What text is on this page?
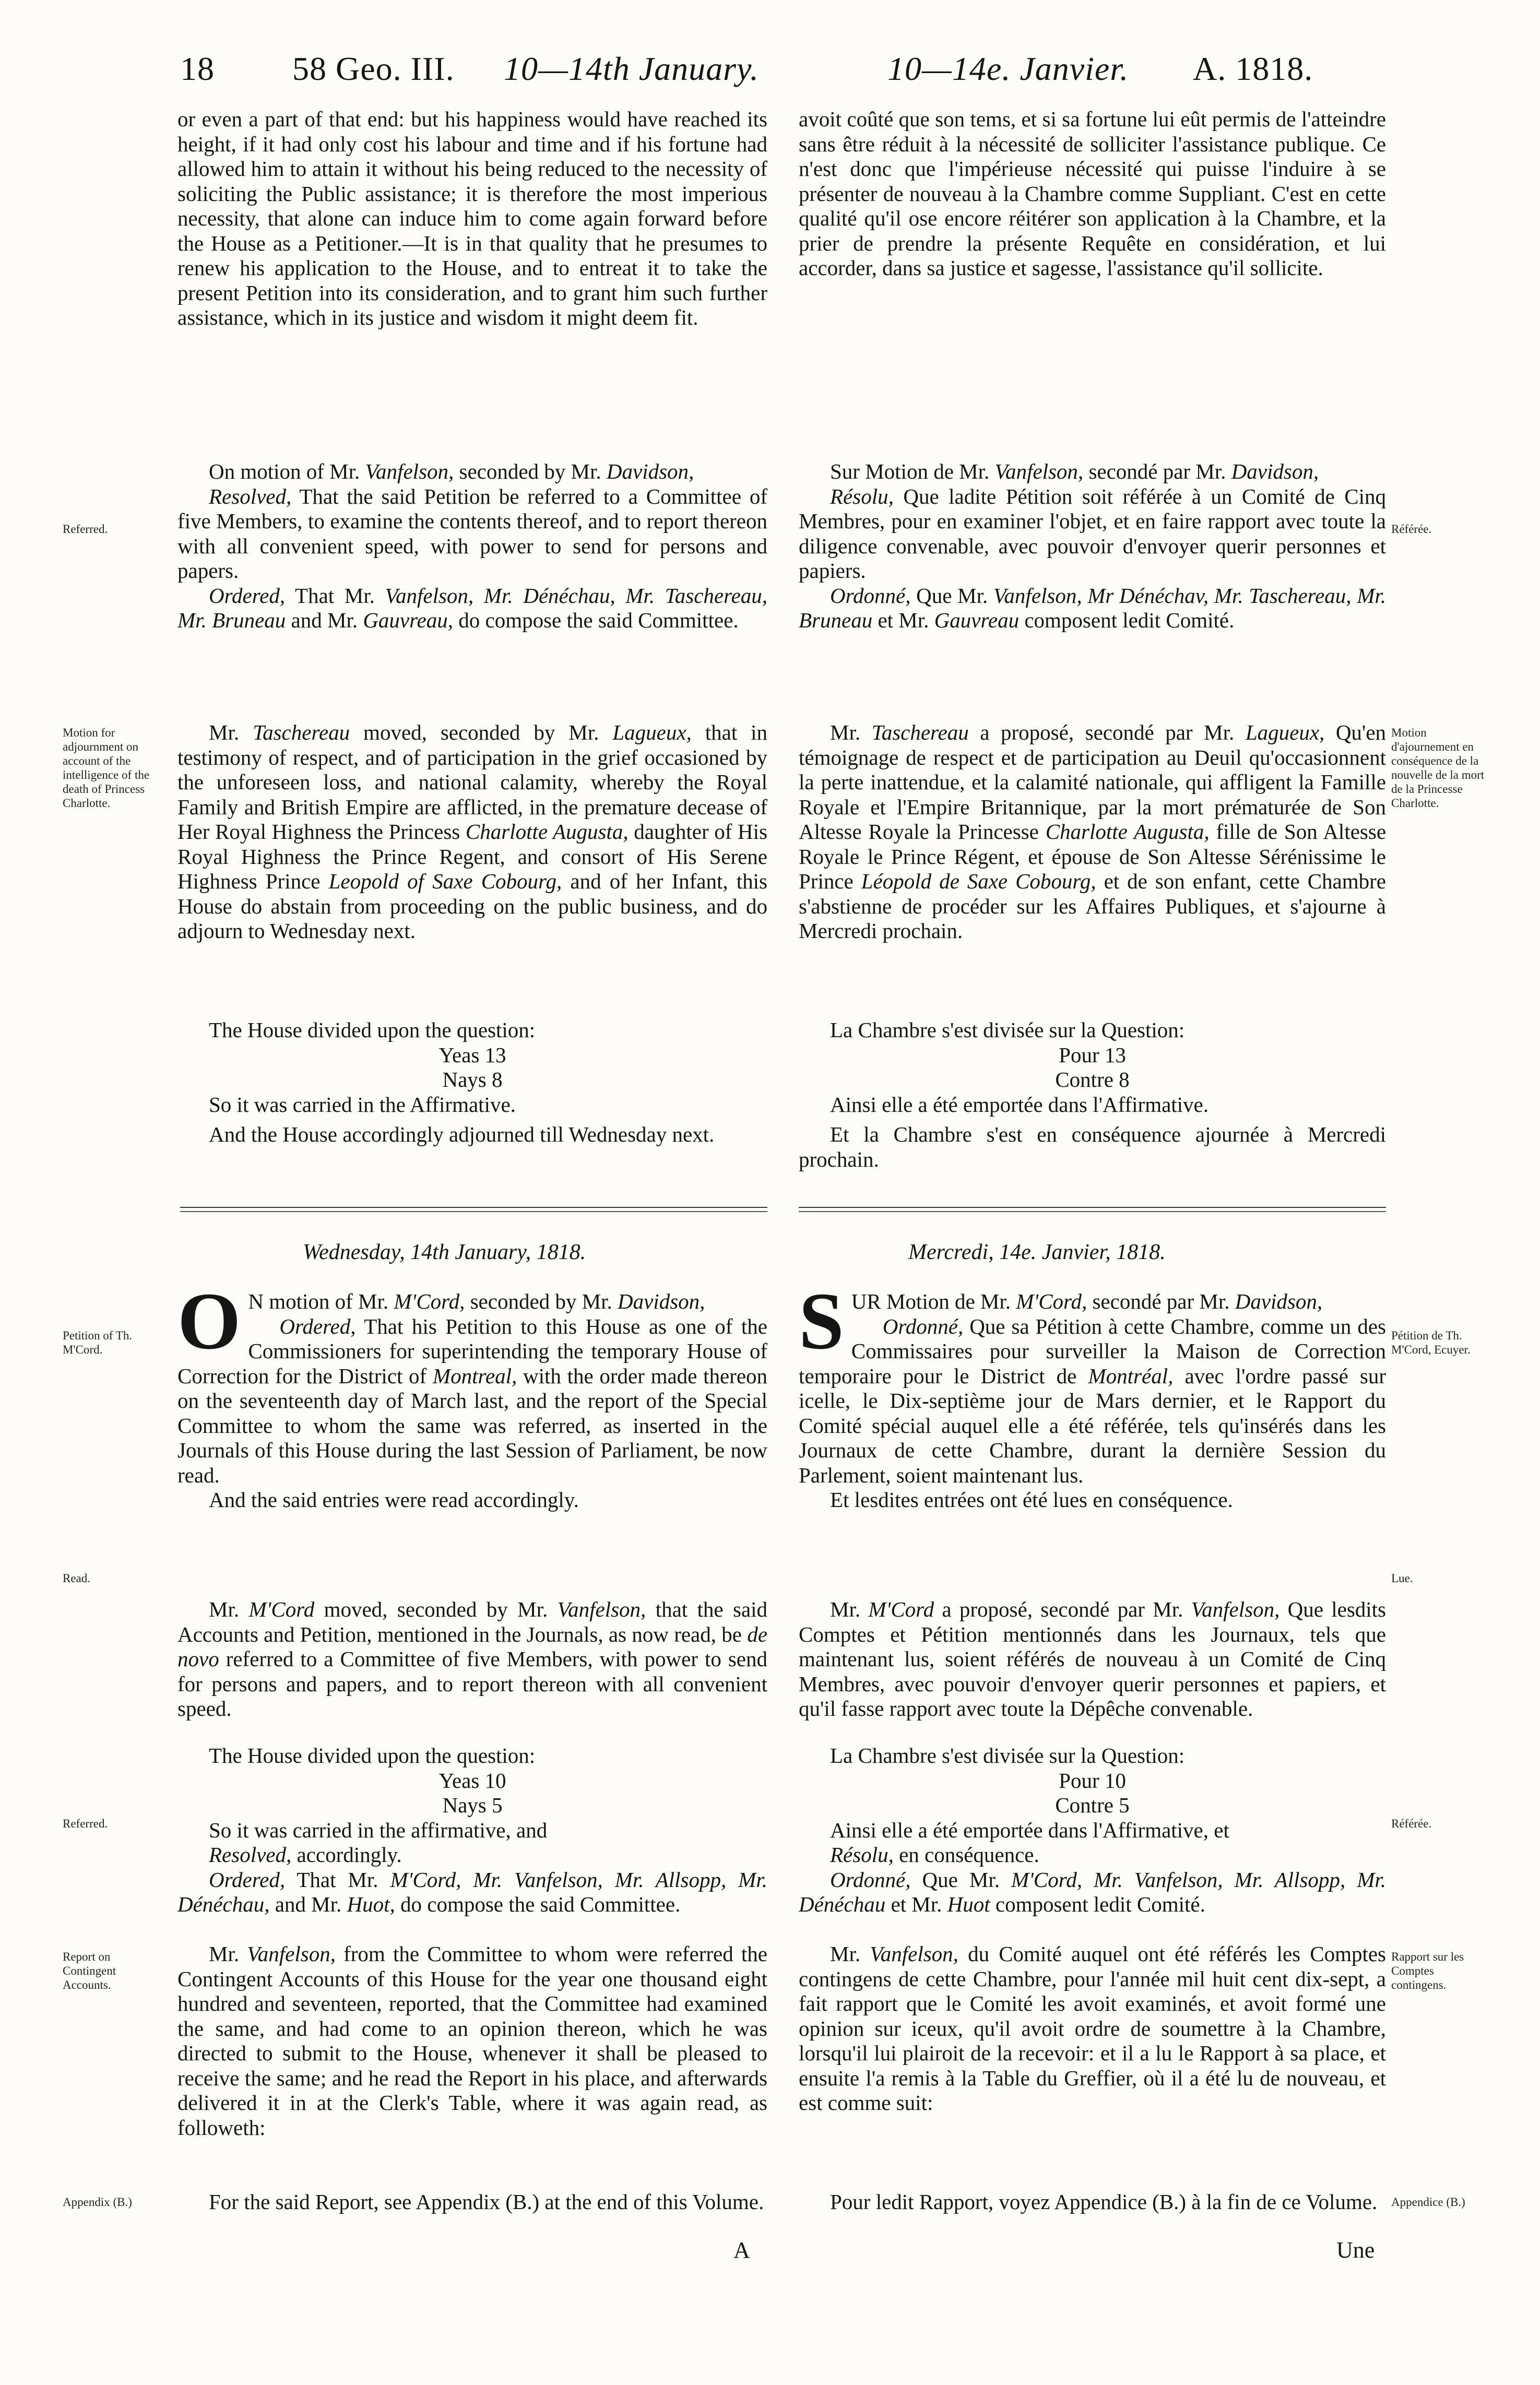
18 58 Geo. III. 10—14th January.	10—14e. Janvier. A. 1818.

or even a part of that end: but his happiness would have reached its height, if it had only cost his labour and time and if his fortune had allowed him to attain it without his being reduced to the necessity of soliciting the Public assistance; it is therefore the most imperious necessity, that alone can induce him to come again forward before the House as a Petitioner.—It is in that quality that he presumes to renew his application to the House, and to entreat it to take the present Petition into its consideration, and to grant him such further assistance, which in its justice and wisdom it might deem fit.

avoit coûté que son tems, et si sa fortune lui eût permis de l'atteindre sans être réduit à la nécessité de solliciter l'assistance publique. Ce n'est donc que l'impérieuse nécessité qui puisse l'induire à se présenter de nouveau à la Chambre comme Suppliant. C'est en cette qualité qu'il ose encore réitérer son application à la Chambre, et la prier de prendre la présente Requête en considération, et lui accorder, dans sa justice et sagesse, l'assistance qu'il sollicite.

On motion of Mr. Vanfelson, seconded by Mr. Davidson,

Resolved, That the said Petition be referred to a Committee of five Members, to examine the contents thereof, and to report thereon with all convenient speed, with power to send for persons and papers.

Ordered, That Mr. Vanfelson, Mr. Dénéchau, Mr. Taschereau, Mr. Bruneau and Mr. Gauvreau, do compose the said Committee.

Sur Motion de Mr. Vanfelson, secondé par Mr. Davidson,

Résolu, Que ladite Pétition soit référée à un Comité de Cinq Membres, pour en examiner l'objet, et en faire rapport avec toute la diligence convenable, avec pouvoir d'envoyer querir personnes et papiers.

Ordonné, Que Mr. Vanfelson, Mr Dénéchav, Mr. Taschereau, Mr. Bruneau et Mr. Gauvreau composent ledit Comité.

Mr. Taschereau moved, seconded by Mr. Lagueux, that in testimony of respect, and of participation in the grief occasioned by the unforeseen loss, and national calamity, whereby the Royal Family and British Empire are afflicted, in the premature decease of Her Royal Highness the Princess Charlotte Augusta, daughter of His Royal Highness the Prince Regent, and consort of His Serene Highness Prince Leopold of Saxe Cobourg, and of her Infant, this House do abstain from proceeding on the public business, and do adjourn to Wednesday next.

Mr. Taschereau a proposé, secondé par Mr. Lagueux, Qu'en témoignage de respect et de participation au Deuil qu'occasionnent la perte inattendue, et la calamité nationale, qui affligent la Famille Royale et l'Empire Britannique, par la mort prématurée de Son Altesse Royale la Princesse Charlotte Augusta, fille de Son Altesse Royale le Prince Régent, et épouse de Son Altesse Sérénissime le Prince Léopold de Saxe Cobourg, et de son enfant, cette Chambre s'abstienne de procéder sur les Affaires Publiques, et s'ajourne à Mercredi prochain.

The House divided upon the question:

Yeas 13

Nays 8

So it was carried in the Affirmative.

And the House accordingly adjourned till Wednesday next.

La Chambre s'est divisée sur la Question:

Pour 13

Contre 8

Ainsi elle a été emportée dans l'Affirmative.

Et la Chambre s'est en conséquence ajournée à Mercredi prochain.

Wednesday, 14th January, 1818.	Mercredi, 14e. Janvier, 1818.

O N motion of Mr. M'Cord, seconded by Mr. Davidson,

Ordered, That his Petition to this House as one of the Commissioners for superintending the temporary House of Correction for the District of Montreal, with the order made thereon on the seventeenth day of March last, and the report of the Special Committee to whom the same was referred, as inserted in the Journals of this House during the last Session of Parliament, be now read.

And the said entries were read accordingly.

SUR Motion de Mr. M'Cord, secondé par Mr. Davidson,

Ordonné, Que sa Pétition à cette Chambre, comme un des Commissaires pour surveiller la Maison de Correction temporaire pour le District de Montréal, avec l'ordre passé sur icelle, le Dix-septième jour de Mars dernier, et le Rapport du Comité spécial auquel elle a été référée, tels qu'insérés dans les Journaux de cette Chambre, durant la dernière Session du Parlement, soient maintenant lus.

Et lesdites entrées ont été lues en conséquence.

Mr. M'Cord moved, seconded by Mr. Vanfelson, that the said Accounts and Petition, mentioned in the Journals, as now read, be de novo referred to a Committee of five Members, with power to send for persons and papers, and to report thereon with all convenient speed.

Mr. M'Cord a proposé, secondé par Mr. Vanfelson, Que lesdits Comptes et Pétition mentionnés dans les Journaux, tels que maintenant lus, soient référés de nouveau à un Comité de Cinq Membres, avec pouvoir d'envoyer querir personnes et papiers, et qu'il fasse rapport avec toute la Dépêche convenable.

The House divided upon the question:

Yeas 10

Nays 5

So it was carried in the affirmative, and

Resolved, accordingly.

Ordered, That Mr. M'Cord, Mr. Vanfelson, Mr. Allsopp, Mr. Dénéchau, and Mr. Huot, do compose the said Committee.

La Chambre s'est divisée sur la Question:

Pour 10

Contre 5

Ainsi elle a été emportée dans l'Affirmative, et

Résolu, en conséquence.

Ordonné, Que Mr. M'Cord, Mr. Vanfelson, Mr. Allsopp, Mr. Dénéchau et Mr. Huot composent ledit Comité.

Mr. Vanfelson, from the Committee to whom were referred the Contingent Accounts of this House for the year one thousand eight hundred and seventeen, reported, that the Committee had examined the same, and had come to an opinion thereon, which he was directed to submit to the House, whenever it shall be pleased to receive the same; and he read the Report in his place, and afterwards delivered it in at the Clerk's Table, where it was again read, as followeth:

Mr. Vanfelson, du Comité auquel ont été référés les Comptes contingens de cette Chambre, pour l'année mil huit cent dix-sept, a fait rapport que le Comité les avoit examinés, et avoit formé une opinion sur iceux, qu'il avoit ordre de soumettre à la Chambre, lorsqu'il lui plairoit de la recevoir: et il a lu le Rapport à sa place, et ensuite l'a remis à la Table du Greffier, où il a été lu de nouveau, et est comme suit:

For the said Report, see Appendix (B.) at the end of this Volume.	Pour ledit Rapport, voyez Appendice (B.) à la fin de ce Volume.

A	Une
Referred.
Motion for adjournment on account of the intelligence of the death of Princess Charlotte.
Petition of Th. M'Cord.
Read.
Referred.
Report on Contingent Accounts.
Appendix (B.)
Référée.
Motion d'ajournement en conséquence de la nouvelle de la mort de la Princesse Charlotte.
Pétition de Th. M'Cord, Ecuyer.
Lue.
Référée.
Rapport sur les Comptes contingens.
Appendice (B.)
